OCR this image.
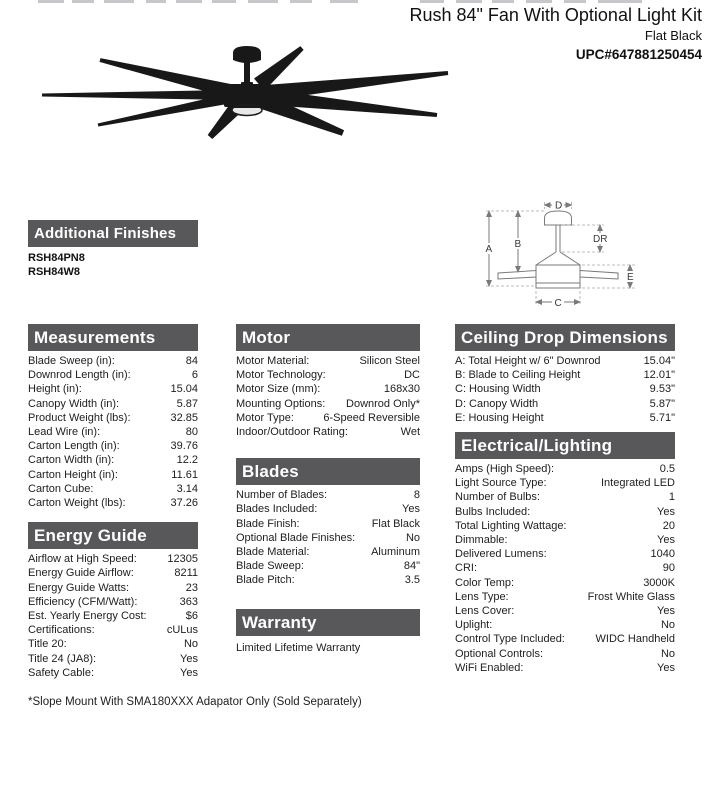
Rush 84" Fan With Optional Light Kit
Flat Black
UPC#647881250454
Additional Finishes
RSH84PN8
RSH84W8
D
A B	DR
E
C
Measurements
Blade Sweep (in):	84
Downrod Length (in):	6
Height (in):	15.04
Canopy Width (in):	5.87
Product Weight (lbs):	32.85
Lead Wire (in):	80
Carton Length (in):	39.76
Carton Width (in):	12.2
Carton Height (in):	11.61
Carton Cube:	3.14
Carton Weight (lbs):	37.26
Energy Guide
Airflow at High Speed:	12305
Energy Guide Airflow:	8211
Energy Guide Watts:	23
Efficiency (CFM/Watt):	363
Est. Yearly Energy Cost:	$6
Certifications:	cULus
Title 20:	No
Title 24 (JA8):	Yes
Safety Cable:	Yes
Motor
Motor Material:	Silicon Steel
Motor Technology:	DC
Motor Size (mm):	168x30
Mounting Options: Downrod Only*
Motor Type:	6-Speed Reversible
Indoor/Outdoor Rating:	Wet
Blades
Number of Blades:	8
Blades Included:	Yes
Blade Finish:	Flat Black
Optional Blade Finishes:	No
Blade Material:	Aluminum
Blade Sweep:	84"
Blade Pitch:	3.5
Warranty
Limited Lifetime Warranty
Ceiling Drop Dimensions
A: Total Height w/ 6" Downrod	15.04"
B: Blade to Ceiling Height	12.01"
C: Housing Width	9.53"
D: Canopy Width	5.87"
E: Housing Height	5.71"
Electrical/Lighting
Amps (High Speed):	0.5
Light Source Type:	Integrated LED
Number of Bulbs:	1
Bulbs Included:	Yes
Total Lighting Wattage:	20
Dimmable:	Yes
Delivered Lumens:	1040
CRI:	90
Color Temp:	3000K
Lens Type:	Frost White Glass
Lens Cover:	Yes
Uplight:	No
Control Type Included:	WIDC Handheld
Optional Controls:	No
WiFi Enabled:	Yes
*Slope Mount With SMA180XXX Adapator Only (Sold Separately)
